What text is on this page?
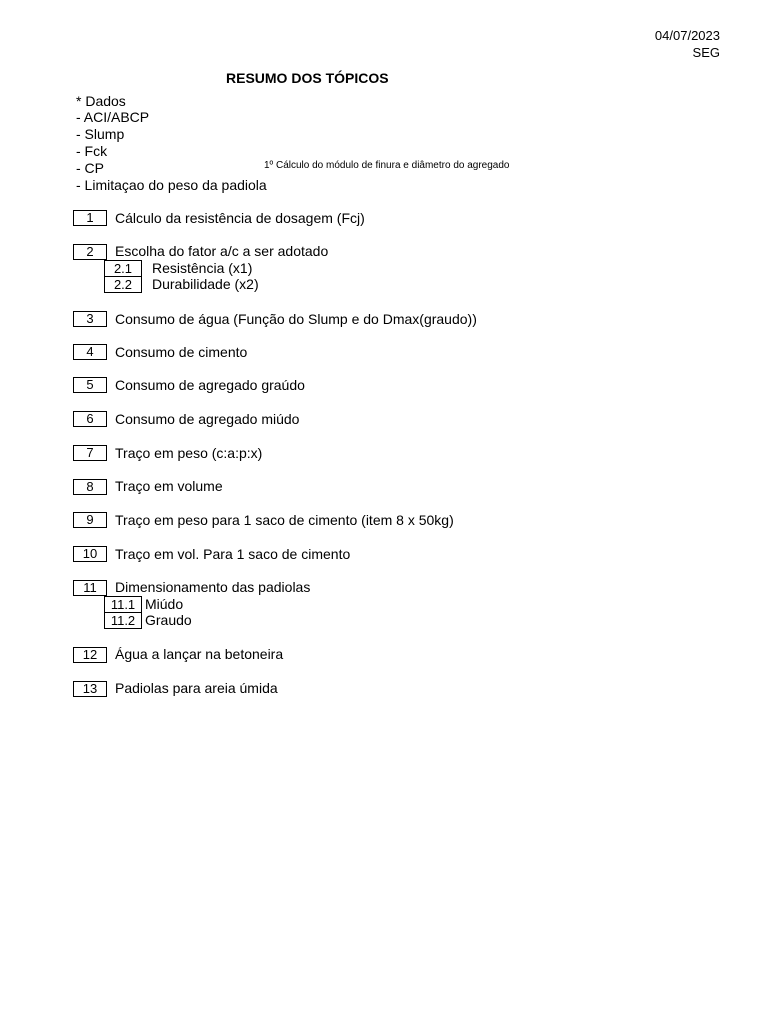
04/07/2023
SEG
RESUMO DOS TÓPICOS
* Dados
- ACI/ABCP
- Slump
- Fck
- CP
- Limitaçao do peso da padiola
1º Cálculo do módulo de finura e diâmetro do agregado
1	Cálculo da resistência de dosagem (Fcj)
2	Escolha do fator a/c a ser adotado
2.1	Resistência (x1)
2.2	Durabilidade (x2)
3	Consumo de água (Função do Slump e do Dmax(graudo))
4	Consumo de cimento
5	Consumo de agregado graúdo
6	Consumo de agregado miúdo
7	Traço em peso (c:a:p:x)
8	Traço em volume
9	Traço em peso para 1 saco de cimento (item 8 x 50kg)
10	Traço em vol. Para 1 saco de cimento
11	Dimensionamento das padiolas
11.1 Miúdo
11.2 Graudo
12	Água a lançar na betoneira
13	Padiolas para areia úmida
